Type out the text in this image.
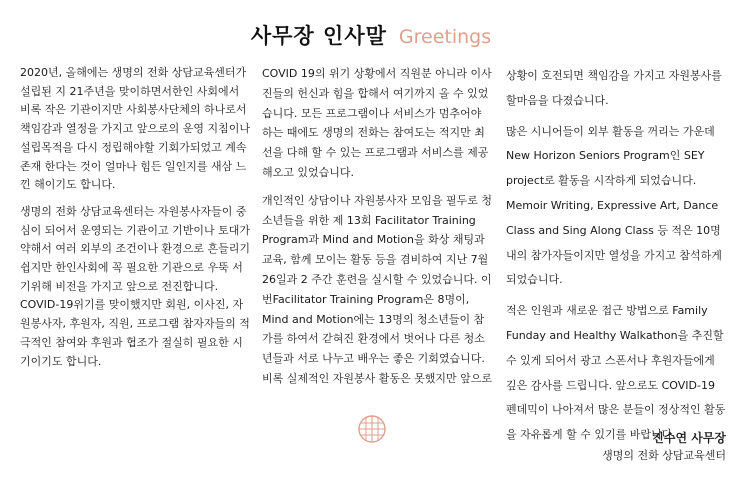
사무장 인사말 Greetings

2020년, 올해에는 생명의 전화 상담교육센터가 설립된 지 21주년을 맞이하면서한인 사회에서 비록 작은 기관이지만 사회봉사단체의 하나로서 책임감과 열정을 가지고 앞으로의 운영 지침이나 설립목적을 다시 정립해야할 기회가되었고 계속 존재 한다는 것이 얼마나 힘든 일인지를 새삼 느낀 해이기도 합니다.

생명의 전화 상담교육센터는 자원봉사자들이 중심이 되어서 운영되는 기관이고 기반이나 토대가 약해서 여러 외부의 조건이나 환경으로 흔들리기 쉽지만 한인사회에 꼭 필요한 기관으로 우뚝 서기위해 비전을 가지고 앞으로 전진합니다. COVID-19위기를 맞이했지만 회원, 이사진, 자원봉사자, 후원자, 직원, 프로그램 참자자들의 적극적인 참여와 후원과 협조가 절실히 필요한 시기이기도 합니다.

COVID 19의 위기 상황에서 직원분 아니라 이사진들의 헌신과 힘을 합해서 여기까지 올 수 있었습니다. 모든 프로그램이나 서비스가 멈추어야 하는 때에도 생명의 전화는 참여도는 적지만 최선을 다해 할 수 있는 프로그램과 서비스를 제공해오고 있었습니다.

개인적인 상담이나 자원봉사자 모임을 필두로 청소년들을 위한 제 13회 Facilitator Training Program과 Mind and Motion을 화상 채팅과 교육, 함께 모이는 활동 등을 겸비하여 지난 7월 26일과 2 주간 훈련을 실시할 수 있었습니다. 이번Facilitator Training Program은 8명이, Mind and Motion에는 13명의 청소년들이 참가를 하여서 갇혀진 환경에서 벗어나 다른 청소년들과 서로 나누고 배우는 좋은 기회였습니다. 비록 실제적인 자원봉사 활동은 못했지만 앞으로

상황이 호전되면 책임감을 가지고 자원봉사를 할마음을 다졌습니다.

많은 시니어들이 외부 활동을 꺼리는 가운데 New Horizon Seniors Program인 SEY project로 활동을 시작하게 되었습니다. Memoir Writing, Expressive Art, Dance Class and Sing Along Class 등 적은 10명 내의 참가자들이지만 열성을 가지고 참석하게 되었습니다.

적은 인원과 새로운 접근 방법으로 Family Funday and Healthy Walkathon을 추진할 수 있게 되어서 광고 스폰서나 후원자들에게 깊은 감사를 드립니다. 앞으로도 COVID-19 펜데믹이 나아져서 많은 분들이 정상적인 활동을 자유롭게 할 수 있기를 바랍니다.

진수연 사무장
생명의 전화 상담교육센터
